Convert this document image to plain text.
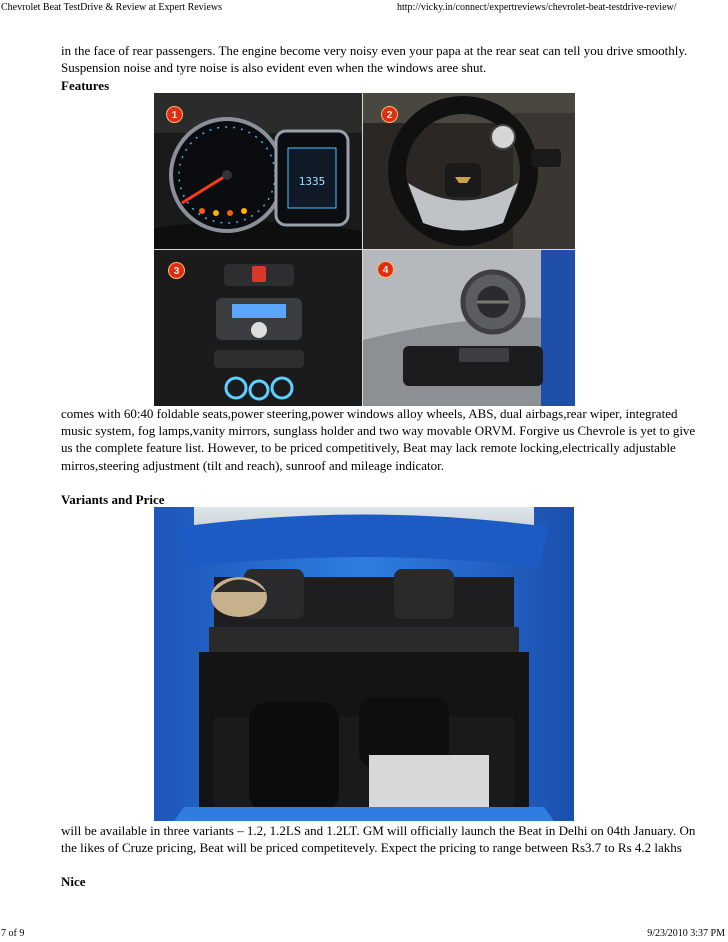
Chevrolet Beat TestDrive & Review at Expert Reviews	http://vicky.in/connect/expertreviews/chevrolet-beat-testdrive-review/
in the face of rear passengers. The engine become very noisy even your papa at the rear seat can tell you drive smoothly. Suspension noise and tyre noise is also evident even when the windows aree shut.
Features
1335
1	2
3	4
comes with 60:40 foldable seats,power steering,power windows alloy wheels, ABS, dual airbags,rear wiper, integrated music system, fog lamps,vanity mirrors, sunglass holder and two way movable ORVM. Forgive us Chevrole is yet to give us the complete feature list. However, to be priced competitively, Beat may lack remote locking,electrically adjustable mirros,steering adjustment (tilt and reach), sunroof and mileage indicator.
Variants and Price
will be available in three variants – 1.2, 1.2LS and 1.2LT. GM will officially launch the Beat in Delhi on 04th January. On the likes of Cruze pricing, Beat will be priced competitevely. Expect the pricing to range between Rs3.7 to Rs 4.2 lakhs
Nice
7 of 9	9/23/2010 3:37 PM
